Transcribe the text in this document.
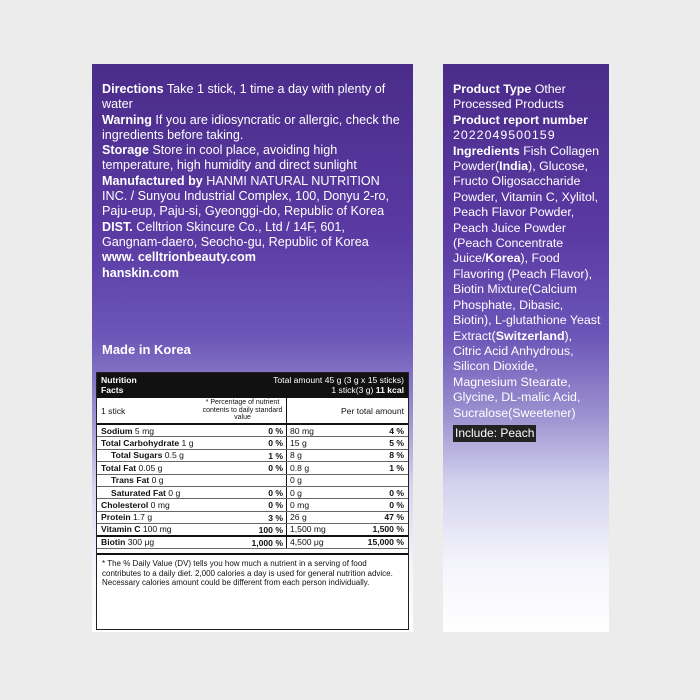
Directions Take 1 stick, 1 time a day with plenty of water

Warning If you are idiosyncratic or allergic, check the ingredients before taking.

Storage Store in cool place, avoiding high temperature, high humidity and direct sunlight

Manufactured by HANMI NATURAL NUTRITION INC. / Sunyou Industrial Complex, 100, Donyu 2-ro, Paju-eup, Paju-si, Gyeonggi-do, Republic of Korea

DIST. Celltrion Skincure Co., Ltd / 14F, 601, Gangnam-daero, Seocho-gu, Republic of Korea

www. celltrionbeauty.com

hanskin.com

Made in Korea
Nutrition
Facts
Total amount 45 g (3 g x 15 sticks)
1 stick(3 g) 11 kcal
1 stick
* Percentage of nutrient contents to daily standard value
Per total amount
Sodium 5 mg	0 % 80 mg	4 %
Total Carbohydrate 1 g	0 % 15 g	5 %
Total Sugars 0.5 g	1 % 8 g	8 %
Total Fat 0.05 g	0 % 0.8 g	1 %
Trans Fat 0 g	0 g
Saturated Fat 0 g	0 % 0 g	0 %
Cholesterol 0 mg	0 % 0 mg	0 %
Protein 1.7 g	3 % 26 g	47 %
Vitamin C 100 mg	100 % 1,500 mg	1,500 %
Biotin 300 μg	1,000 % 4,500 μg	15,000 %
* The % Daily Value (DV) tells you how much a nutrient in a serving of food contributes to a daily diet. 2,000 calories a day is used for general nutrition advice. Necessary calories amount could be different from each person individually.

Product Type Other Processed Products

Product report number

2022049500159

Ingredients Fish Collagen Powder(India), Glucose, Fructo Oligosaccharide Powder, Vitamin C, Xylitol, Peach Flavor Powder, Peach Juice Powder (Peach Concentrate Juice/Korea), Food Flavoring (Peach Flavor), Biotin Mixture(Calcium Phosphate, Dibasic, Biotin), L-glutathione Yeast Extract(Switzerland), Citric Acid Anhydrous, Silicon Dioxide, Magnesium Stearate, Glycine, DL-malic Acid, Sucralose(Sweetener)

Include: Peach
